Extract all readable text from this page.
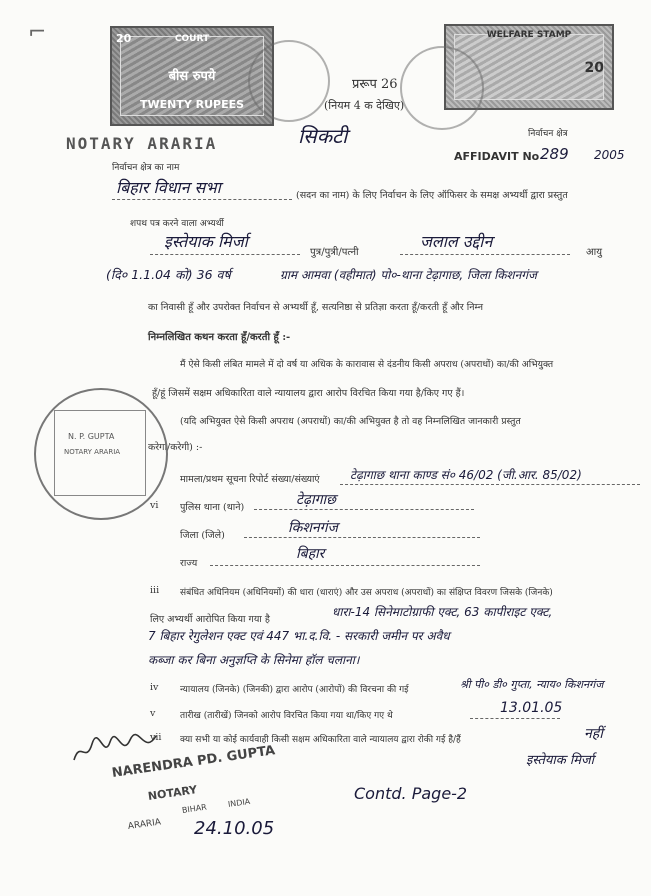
⌐	COURT
20
बीस रुपये
TWENTY RUPEES
WELFARE STAMP
20
प्ररूप 26
(नियम 4 क देखिए)
निर्वाचन क्षेत्र
NOTARY ARARIA	सिकटी
AFFIDAVIT No 289 2005
निर्वाचन क्षेत्र का नाम
बिहार विधान सभा	(सदन का नाम) के लिए निर्वाचन के लिए ऑफिसर के समक्ष अभ्यर्थी द्वारा प्रस्तुत
शपथ पत्र करने वाला अभ्यर्थी
इस्तेयाक मिर्जा
पुत्र/पुत्री/पत्नी
जलाल उद्दीन
आयु
(दि० 1.1.04 को) 36 वर्ष	ग्राम आमवा (वहीमात) पो०-थाना टेढ़ागाछ, जिला किशनगंज
का निवासी हूँ और उपरोक्त निर्वाचन से अभ्यर्थी हूँ, सत्यनिष्ठा से प्रतिज्ञा करता हूँ/करती हूँ और निम्न
निम्नलिखित कथन करता हूँ/करती हूँ :-
मैं ऐसे किसी लंबित मामले में दो वर्ष या अधिक के कारावास से दंडनीय किसी अपराध (अपराधों) का/की अभियुक्त
हूँ/हूं जिसमें सक्षम अधिकारिता वाले न्यायालय द्वारा आरोप विरचित किया गया है/किए गए हैं।
(यदि अभियुक्त ऐसे किसी अपराध (अपराधों) का/की अभियुक्त है तो वह निम्नलिखित जानकारी प्रस्तुत
करेगा/करेगी) :-
N. P. GUPTA
NOTARY ARARIA
मामला/प्रथम सूचना रिपोर्ट संख्या/संख्याएं	टेढ़ागाछ थाना काण्ड सं० 46/02 (जी.आर. 85/02)
vi पुलिस थाना (थाने)	टेढ़ागाछ
जिला (जिले)	किशनगंज
राज्य
बिहार
iii संबंधित अधिनियम (अधिनियमों) की धारा (धाराएं) और उस अपराध (अपराधों) का संक्षिप्त विवरण जिसके (जिनके)
लिए अभ्यर्थी आरोपित किया गया है
धारा-14 सिनेमाटोग्राफी एक्ट, 63 कापीराइट एक्ट,
7 बिहार रेगुलेशन एक्ट एवं 447 भा.द.वि. - सरकारी जमीन पर अवैध
कब्जा कर बिना अनुज्ञप्ति के सिनेमा हॉल चलाना।
iv न्यायालय (जिनके) (जिनकी) द्वारा आरोप (आरोपों) की विरचना की गई	श्री पी० डी० गुप्ता, न्याय० किशनगंज
v	तारीख (तारीखें) जिनको आरोप विरचित किया गया था/किए गए थे	13.01.05
vii क्या सभी या कोई कार्यवाही किसी सक्षम अधिकारिता वाले न्यायालय द्वारा रोकी गई है/हैं	नहीं
NARENDRA PD. GUPTA
NOTARY
BIHAR	INDIA
ARARIA 24.10.05
Contd. Page-2
इस्तेयाक मिर्जा
